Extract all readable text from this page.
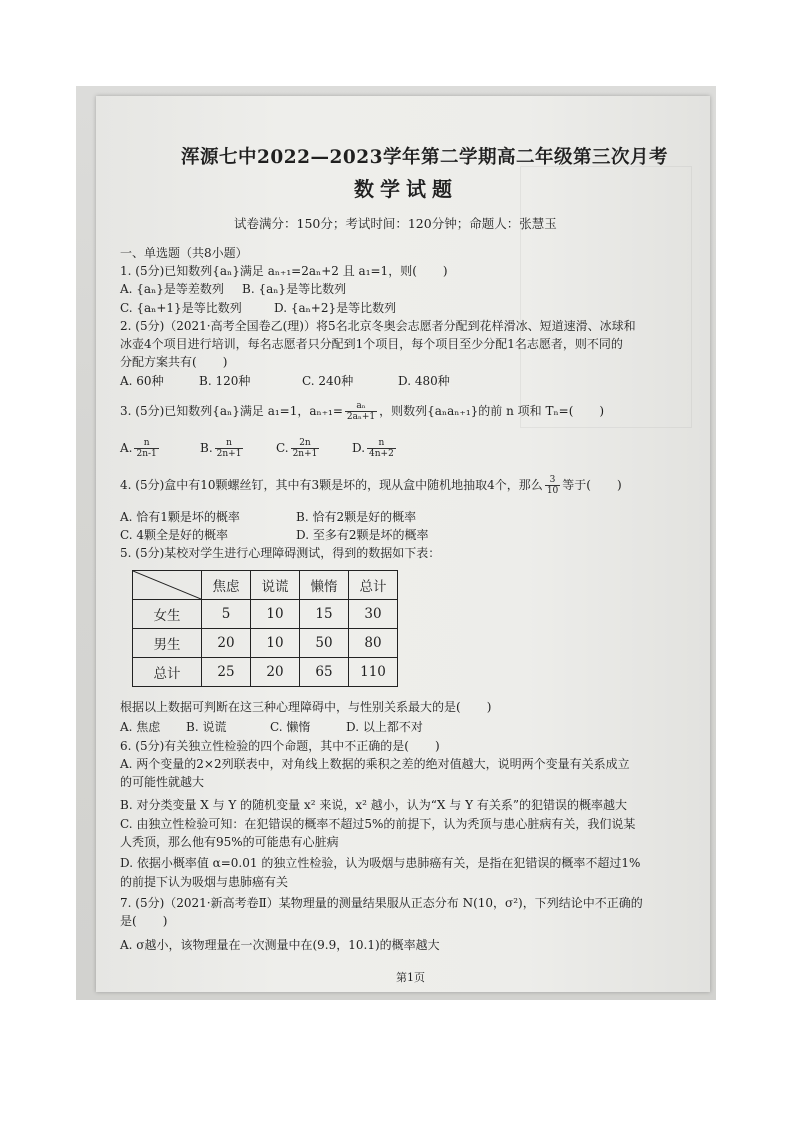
浑源七中2022—2023学年第二学期高二年级第三次月考
数学试题
试卷满分：150分；考试时间：120分钟；命题人：张慧玉
一、单选题（共8小题）
1. (5分)已知数列{aₙ}满足 aₙ₊₁=2aₙ+2 且 a₁=1，则( )
A. {aₙ}是等差数列 B. {aₙ}是等比数列
C. {aₙ+1}是等比数列	D. {aₙ+2}是等比数列
2. (5分)（2021·高考全国卷乙(理)）将5名北京冬奥会志愿者分配到花样滑冰、短道速滑、冰球和
冰壶4个项目进行培训，每名志愿者只分配到1个项目，每个项目至少分配1名志愿者，则不同的
分配方案共有( )
A. 60种	B. 120种	C. 240种	D. 480种
3. (5分)已知数列{aₙ}满足 a₁=1，$a_{n+1}= \frac{\text{aₙ}}{\text{2aₙ+1}}$ ，则数列{aₙaₙ₊₁}的前 n 项和 Tₙ=( )
A. $\frac{n}{2n-1}$	B. $\frac{n}{2n+1}$	C. $\frac{2n}{2n+1}$	D. $\frac{n}{4n+2}$
4. (5分)盒中有10颗螺丝钉，其中有3颗是坏的，现从盒中随机地抽取4个，那么 $\frac{3}{10}$ 等于( )
A. 恰有1颗是坏的概率	B. 恰有2颗是好的概率
C. 4颗全是好的概率	D. 至多有2颗是坏的概率
5. (5分)某校对学生进行心理障碍测试，得到的数据如下表：
	焦虑	说谎	懒惰	总计
女生	5	10	15	30
男生	20	10	50	80
总计	25	20	65	110
根据以上数据可判断在这三种心理障碍中，与性别关系最大的是( )
A. 焦虑 B. 说谎	C. 懒惰	D. 以上都不对
6. (5分)有关独立性检验的四个命题，其中不正确的是( )
A. 两个变量的2×2列联表中，对角线上数据的乘积之差的绝对值越大，说明两个变量有关系成立
的可能性就越大
B. 对分类变量 X 与 Y 的随机变量 x² 来说，x² 越小，认为“X 与 Y 有关系”的犯错误的概率越大
C. 由独立性检验可知：在犯错误的概率不超过5%的前提下，认为秃顶与患心脏病有关，我们说某
人秃顶，那么他有95%的可能患有心脏病
D. 依据小概率值 α=0.01 的独立性检验，认为吸烟与患肺癌有关，是指在犯错误的概率不超过1%
的前提下认为吸烟与患肺癌有关
7. (5分)（2021·新高考卷Ⅱ）某物理量的测量结果服从正态分布 N(10，σ²)，下列结论中不正确的
是( )
A. σ越小，该物理量在一次测量中在(9.9，10.1)的概率越大
第1页
